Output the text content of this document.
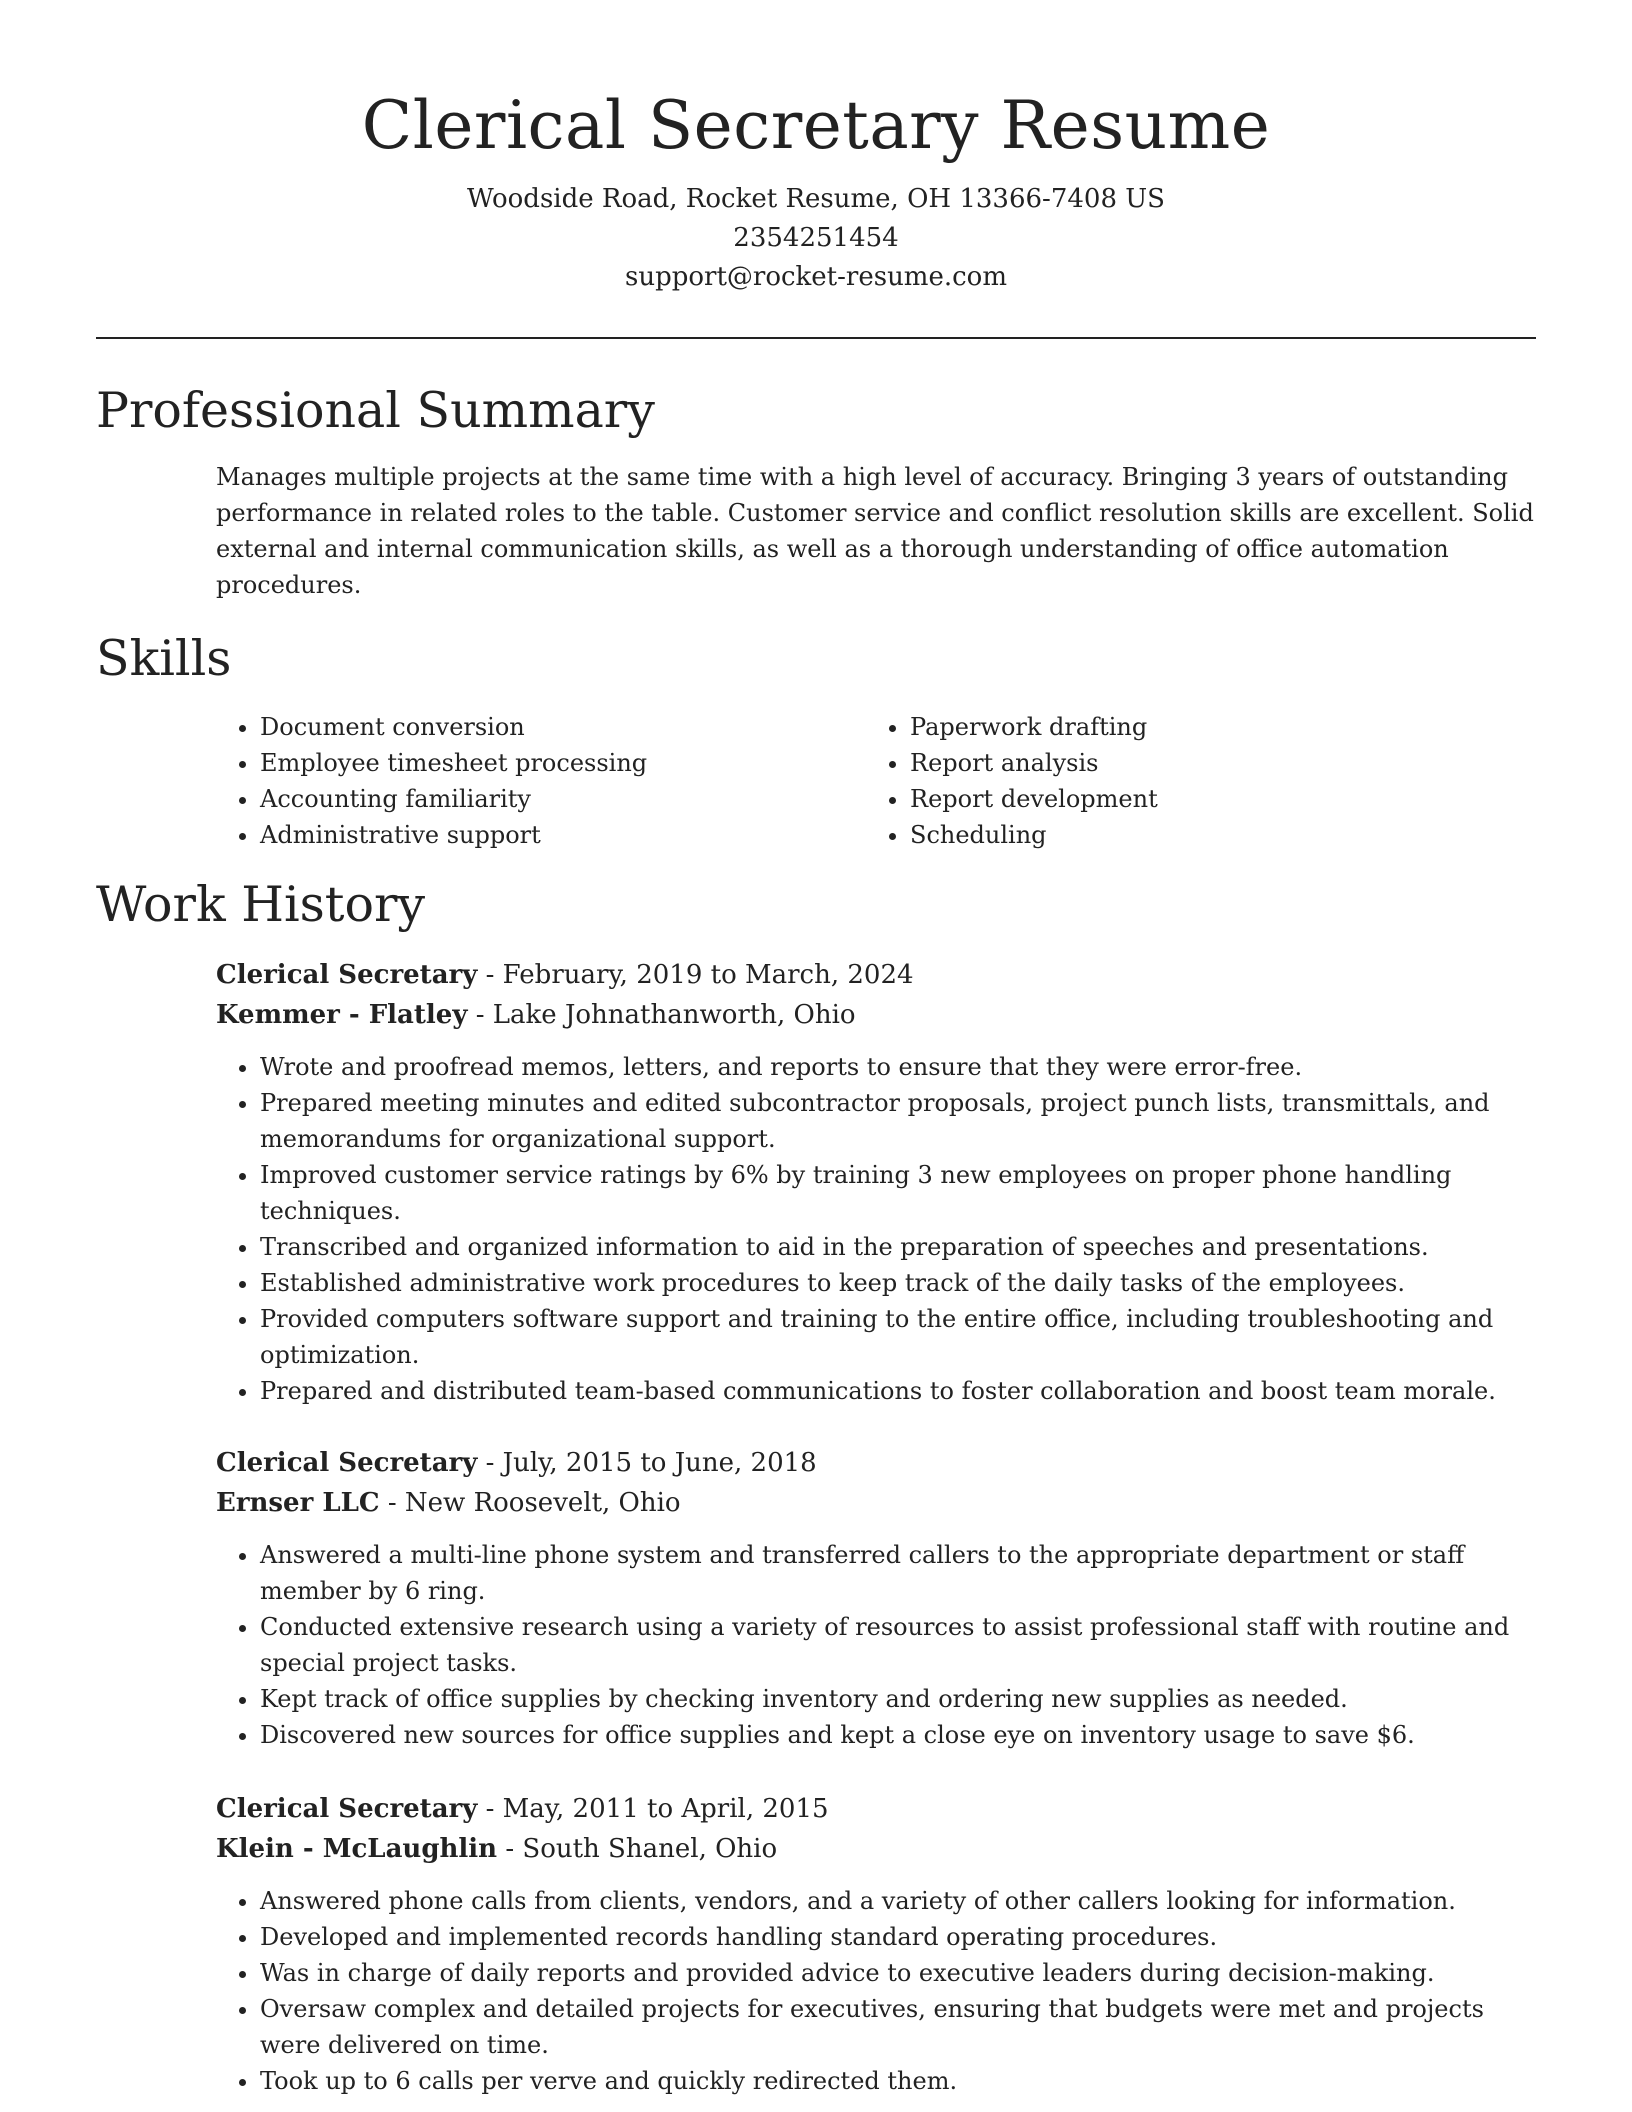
Clerical Secretary Resume
Woodside Road, Rocket Resume, OH 13366-7408 US
2354251454
support@rocket-resume.com
Professional Summary
Manages multiple projects at the same time with a high level of accuracy. Bringing 3 years of outstanding performance in related roles to the table. Customer service and conflict resolution skills are excellent. Solid external and internal communication skills, as well as a thorough understanding of office automation procedures.
Skills
• Document conversion
• Employee timesheet processing
• Accounting familiarity
• Administrative support
• Paperwork drafting
• Report analysis
• Report development
• Scheduling
Work History
Clerical Secretary - February, 2019 to March, 2024
Kemmer - Flatley - Lake Johnathanworth, Ohio
• Wrote and proofread memos, letters, and reports to ensure that they were error-free.
• Prepared meeting minutes and edited subcontractor proposals, project punch lists, transmittals, and memorandums for organizational support.
• Improved customer service ratings by 6% by training 3 new employees on proper phone handling techniques.
• Transcribed and organized information to aid in the preparation of speeches and presentations.
• Established administrative work procedures to keep track of the daily tasks of the employees.
• Provided computers software support and training to the entire office, including troubleshooting and optimization.
• Prepared and distributed team-based communications to foster collaboration and boost team morale.
Clerical Secretary - July, 2015 to June, 2018
Ernser LLC - New Roosevelt, Ohio
• Answered a multi-line phone system and transferred callers to the appropriate department or staff member by 6 ring.
• Conducted extensive research using a variety of resources to assist professional staff with routine and special project tasks.
• Kept track of office supplies by checking inventory and ordering new supplies as needed.
• Discovered new sources for office supplies and kept a close eye on inventory usage to save $6.
Clerical Secretary - May, 2011 to April, 2015
Klein - McLaughlin - South Shanel, Ohio
• Answered phone calls from clients, vendors, and a variety of other callers looking for information.
• Developed and implemented records handling standard operating procedures.
• Was in charge of daily reports and provided advice to executive leaders during decision-making.
• Oversaw complex and detailed projects for executives, ensuring that budgets were met and projects were delivered on time.
• Took up to 6 calls per verve and quickly redirected them.
